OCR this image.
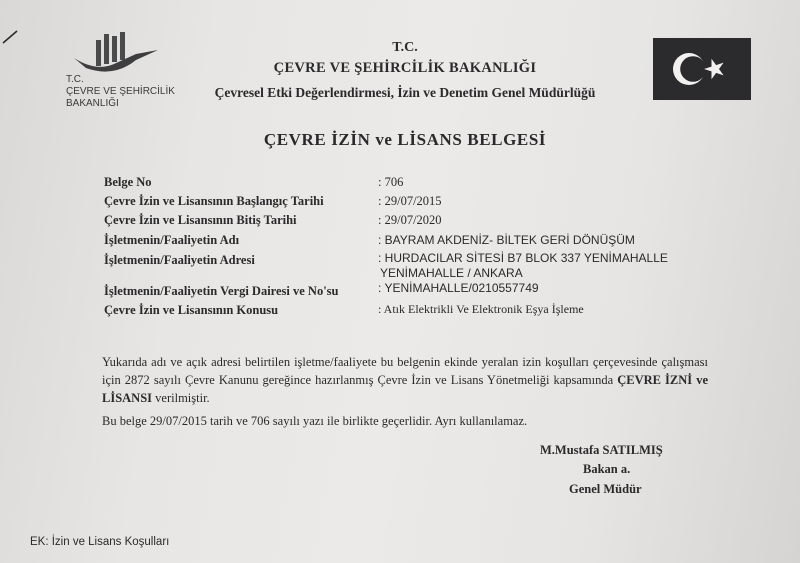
T.C.
ÇEVRE VE ŞEHİRCİLİK
BAKANLIĞI
T.C.
ÇEVRE VE ŞEHİRCİLİK BAKANLIĞI
Çevresel Etki Değerlendirmesi, İzin ve Denetim Genel Müdürlüğü
ÇEVRE İZİN ve LİSANS BELGESİ
Belge No	: 706
Çevre İzin ve Lisansının Başlangıç Tarihi	: 29/07/2015
Çevre İzin ve Lisansının Bitiş Tarihi	: 29/07/2020
İşletmenin/Faaliyetin Adı	: BAYRAM AKDENİZ- BİLTEK GERİ DÖNÜŞÜM
İşletmenin/Faaliyetin Adresi	: HURDACILAR SİTESİ B7 BLOK 337 YENİMAHALLE
YENİMAHALLE / ANKARA
İşletmenin/Faaliyetin Vergi Dairesi ve No'su	: YENİMAHALLE/0210557749
Çevre İzin ve Lisansının Konusu	: Atık Elektrikli Ve Elektronik Eşya İşleme
Yukarıda adı ve açık adresi belirtilen işletme/faaliyete bu belgenin ekinde yeralan izin koşulları çerçevesinde çalışması için 2872 sayılı Çevre Kanunu gereğince hazırlanmış Çevre İzin ve Lisans Yönetmeliği kapsamında ÇEVRE İZNİ ve LİSANSI verilmiştir.
Bu belge 29/07/2015 tarih ve 706 sayılı yazı ile birlikte geçerlidir. Ayrı kullanılamaz.
M.Mustafa SATILMIŞ
Bakan a.
Genel Müdür
EK: İzin ve Lisans Koşulları
